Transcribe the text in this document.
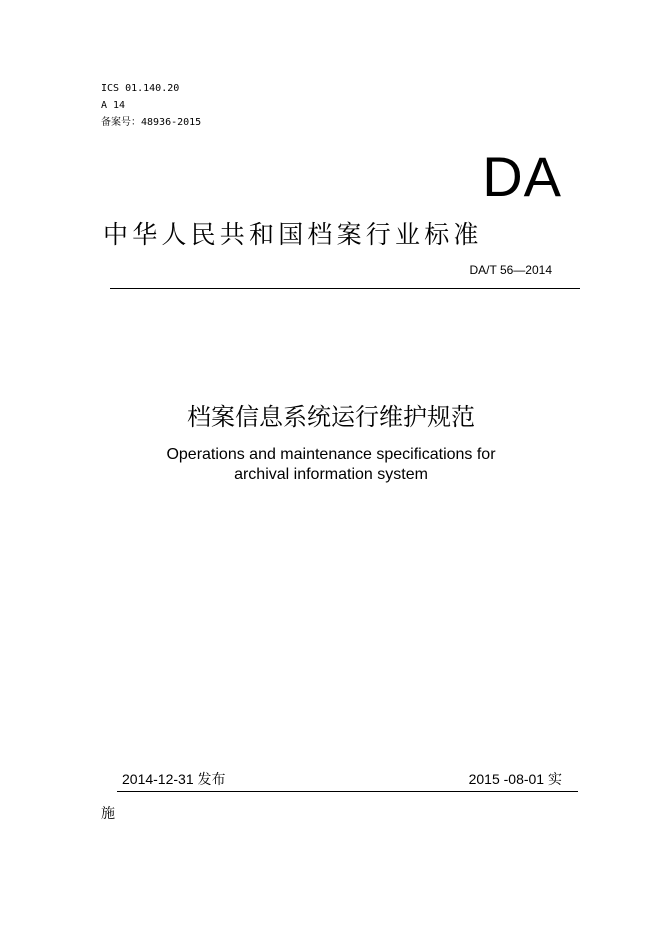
ICS 01.140.20
A 14
备案号：48936-2015
DA
中华人民共和国档案行业标准
DA/T 56—2014
档案信息系统运行维护规范
Operations and maintenance specifications for
archival information system
2014-12-31 发布	2015 -08-01 实
施
